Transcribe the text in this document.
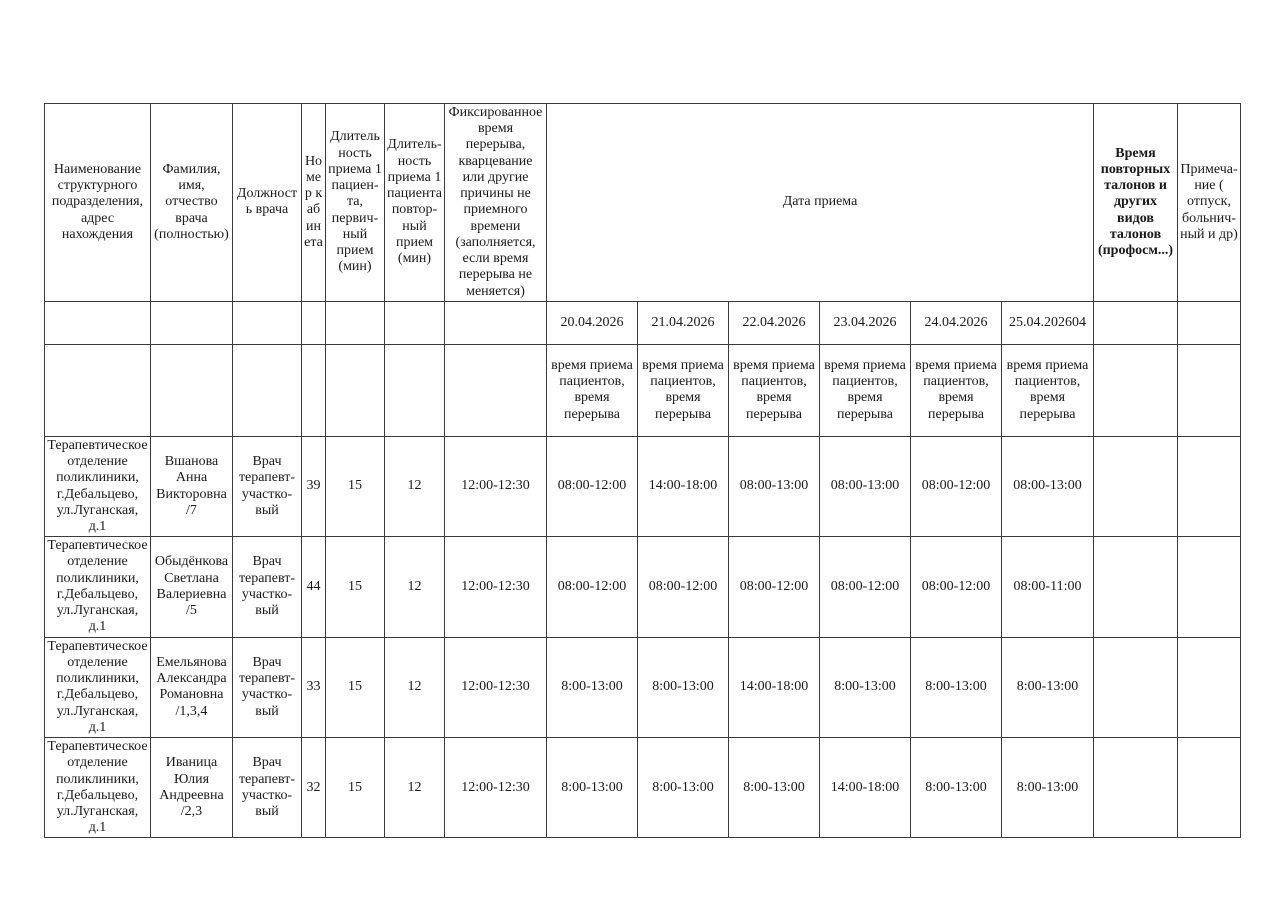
Наименование структурного подразделения, адрес нахождения	Фамилия, имя, отчество врача (полностью)	Должность врача	Номер кабинета	Длитель ность приема 1 пациен- та, первич- ный прием (мин)	Длитель- ность приема 1 пациента повтор- ный прием (мин)	Фиксированное время перерыва, кварцевание или другие причины не приемного времени (заполняется, если время перерыва не меняется)	Дата приема						Время повторных талонов и других видов талонов (профосм...)	Примеча- ние ( отпуск, больнич- ный и др)
							20.04.2026	21.04.2026	22.04.2026	23.04.2026	24.04.2026	25.04.202604		
							время приема пациентов, время перерыва	время приема пациентов, время перерыва	время приема пациентов, время перерыва	время приема пациентов, время перерыва	время приема пациентов, время перерыва	время приема пациентов, время перерыва		
Терапевтическое отделение поликлиники, г.Дебальцево, ул.Луганская, д.1	Вшанова Анна Викторовна /7	Врач терапевт-участко- вый	39	15	12	12:00-12:30	08:00-12:00	14:00-18:00	08:00-13:00	08:00-13:00	08:00-12:00	08:00-13:00		
Терапевтическое отделение поликлиники, г.Дебальцево, ул.Луганская, д.1	Обыдёнкова Светлана Валериевна /5	Врач терапевт-участко- вый	44	15	12	12:00-12:30	08:00-12:00	08:00-12:00	08:00-12:00	08:00-12:00	08:00-12:00	08:00-11:00		
Терапевтическое отделение поликлиники, г.Дебальцево, ул.Луганская, д.1	Емельянова Александра Романовна /1,3,4	Врач терапевт-участко- вый	33	15	12	12:00-12:30	8:00-13:00	8:00-13:00	14:00-18:00	8:00-13:00	8:00-13:00	8:00-13:00		
Терапевтическое отделение поликлиники, г.Дебальцево, ул.Луганская, д.1	Иваница Юлия Андреевна /2,3	Врач терапевт-участко- вый	32	15	12	12:00-12:30	8:00-13:00	8:00-13:00	8:00-13:00	14:00-18:00	8:00-13:00	8:00-13:00		
